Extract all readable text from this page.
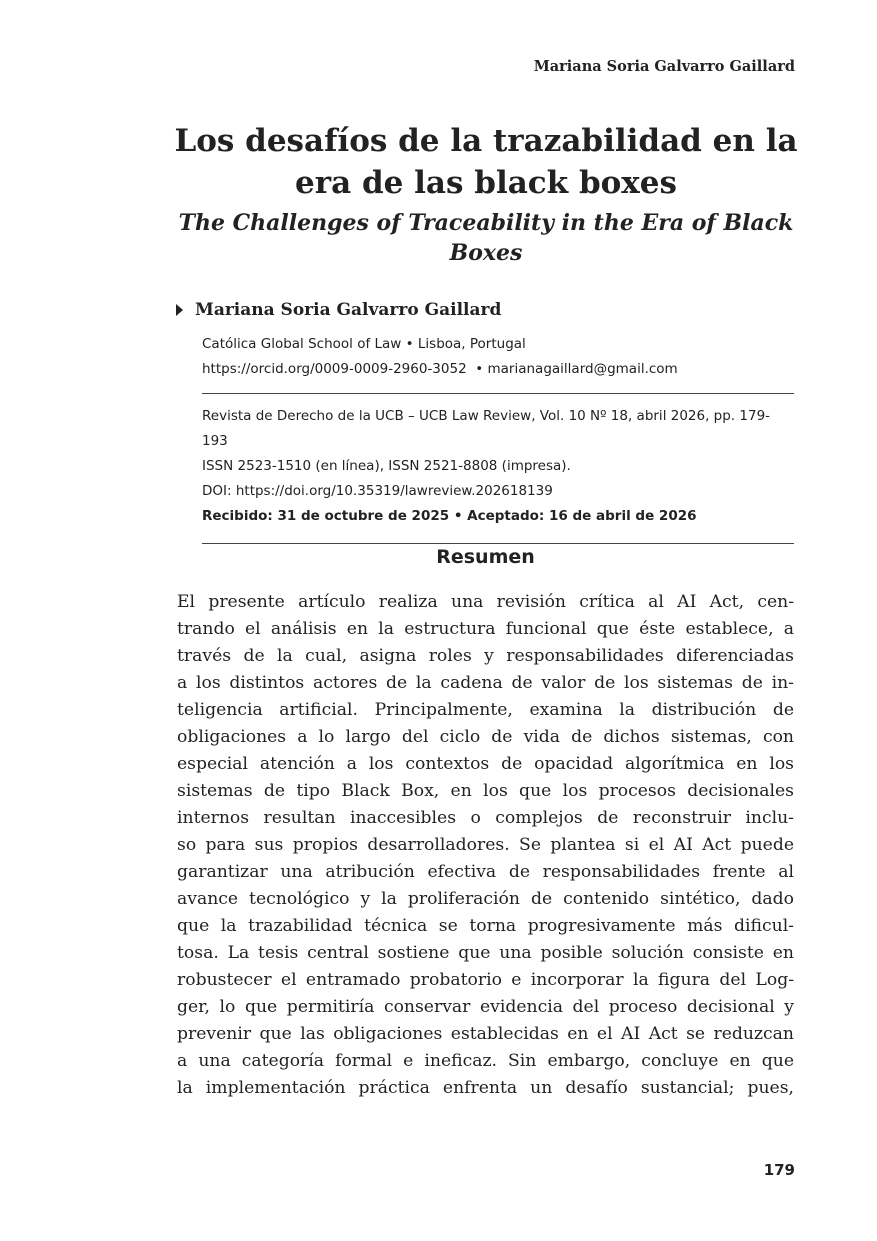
Mariana Soria Galvarro Gaillard
Los desafíos de la trazabilidad en la era de las black boxes
The Challenges of Traceability in the Era of Black Boxes
Mariana Soria Galvarro Gaillard
Católica Global School of Law • Lisboa, Portugal
https://orcid.org/0009-0009-2960-3052  • marianagaillard@gmail.com
Revista de Derecho de la UCB – UCB Law Review, Vol. 10 Nº 18, abril 2026, pp. 179-193
ISSN 2523-1510 (en línea), ISSN 2521-8808 (impresa).
DOI: https://doi.org/10.35319/lawreview.202618139
Recibido: 31 de octubre de 2025 • Aceptado: 16 de abril de 2026
Resumen

El presente artículo realiza una revisión crítica al AI Act, cen-
trando el análisis en la estructura funcional que éste establece, a
través de la cual, asigna roles y responsabilidades diferenciadas
a los distintos actores de la cadena de valor de los sistemas de in-
teligencia artificial. Principalmente, examina la distribución de
obligaciones a lo largo del ciclo de vida de dichos sistemas, con
especial atención a los contextos de opacidad algorítmica en los
sistemas de tipo Black Box, en los que los procesos decisionales
internos resultan inaccesibles o complejos de reconstruir inclu-
so para sus propios desarrolladores. Se plantea si el AI Act puede
garantizar una atribución efectiva de responsabilidades frente al
avance tecnológico y la proliferación de contenido sintético, dado
que la trazabilidad técnica se torna progresivamente más dificul-
tosa. La tesis central sostiene que una posible solución consiste en
robustecer el entramado probatorio e incorporar la figura del Log-
ger, lo que permitiría conservar evidencia del proceso decisional y
prevenir que las obligaciones establecidas en el AI Act se reduzcan
a una categoría formal e ineficaz. Sin embargo, concluye en que
la implementación práctica enfrenta un desafío sustancial; pues,

179
